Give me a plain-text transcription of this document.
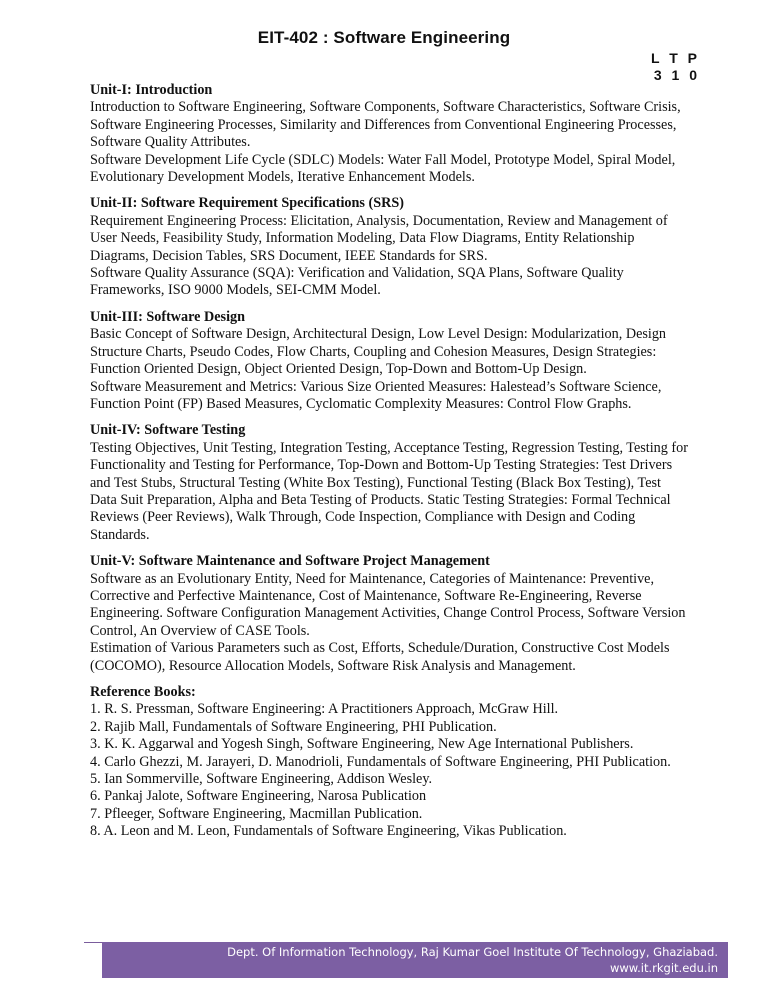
EIT-402 : Software Engineering
L T P
3 1 0
Unit-I: Introduction

Introduction to Software Engineering, Software Components, Software Characteristics, Software Crisis, Software Engineering Processes, Similarity and Differences from Conventional Engineering Processes, Software Quality Attributes.

Software Development Life Cycle (SDLC) Models: Water Fall Model, Prototype Model, Spiral Model, Evolutionary Development Models, Iterative Enhancement Models.

Unit-II: Software Requirement Specifications (SRS)

Requirement Engineering Process: Elicitation, Analysis, Documentation, Review and Management of User Needs, Feasibility Study, Information Modeling, Data Flow Diagrams, Entity Relationship Diagrams, Decision Tables, SRS Document, IEEE Standards for SRS.

Software Quality Assurance (SQA): Verification and Validation, SQA Plans, Software Quality Frameworks, ISO 9000 Models, SEI-CMM Model.

Unit-III: Software Design

Basic Concept of Software Design, Architectural Design, Low Level Design: Modularization, Design Structure Charts, Pseudo Codes, Flow Charts, Coupling and Cohesion Measures, Design Strategies: Function Oriented Design, Object Oriented Design, Top-Down and Bottom-Up Design.

Software Measurement and Metrics: Various Size Oriented Measures: Halestead’s Software Science, Function Point (FP) Based Measures, Cyclomatic Complexity Measures: Control Flow Graphs.

Unit-IV: Software Testing

Testing Objectives, Unit Testing, Integration Testing, Acceptance Testing, Regression Testing, Testing for Functionality and Testing for Performance, Top-Down and Bottom-Up Testing Strategies: Test Drivers and Test Stubs, Structural Testing (White Box Testing), Functional Testing (Black Box Testing), Test Data Suit Preparation, Alpha and Beta Testing of Products. Static Testing Strategies: Formal Technical Reviews (Peer Reviews), Walk Through, Code Inspection, Compliance with Design and Coding Standards.

Unit-V: Software Maintenance and Software Project Management

Software as an Evolutionary Entity, Need for Maintenance, Categories of Maintenance: Preventive, Corrective and Perfective Maintenance, Cost of Maintenance, Software Re-Engineering, Reverse Engineering. Software Configuration Management Activities, Change Control Process, Software Version Control, An Overview of CASE Tools.

Estimation of Various Parameters such as Cost, Efforts, Schedule/Duration, Constructive Cost Models (COCOMO), Resource Allocation Models, Software Risk Analysis and Management.

Reference Books:

1. R. S. Pressman, Software Engineering: A Practitioners Approach, McGraw Hill.

2. Rajib Mall, Fundamentals of Software Engineering, PHI Publication.

3. K. K. Aggarwal and Yogesh Singh, Software Engineering, New Age International Publishers.

4. Carlo Ghezzi, M. Jarayeri, D. Manodrioli, Fundamentals of Software Engineering, PHI Publication.

5. Ian Sommerville, Software Engineering, Addison Wesley.

6. Pankaj Jalote, Software Engineering, Narosa Publication

7. Pfleeger, Software Engineering, Macmillan Publication.

8. A. Leon and M. Leon, Fundamentals of Software Engineering, Vikas Publication.

Dept. Of Information Technology, Raj Kumar Goel Institute Of Technology, Ghaziabad.
www.it.rkgit.edu.in
